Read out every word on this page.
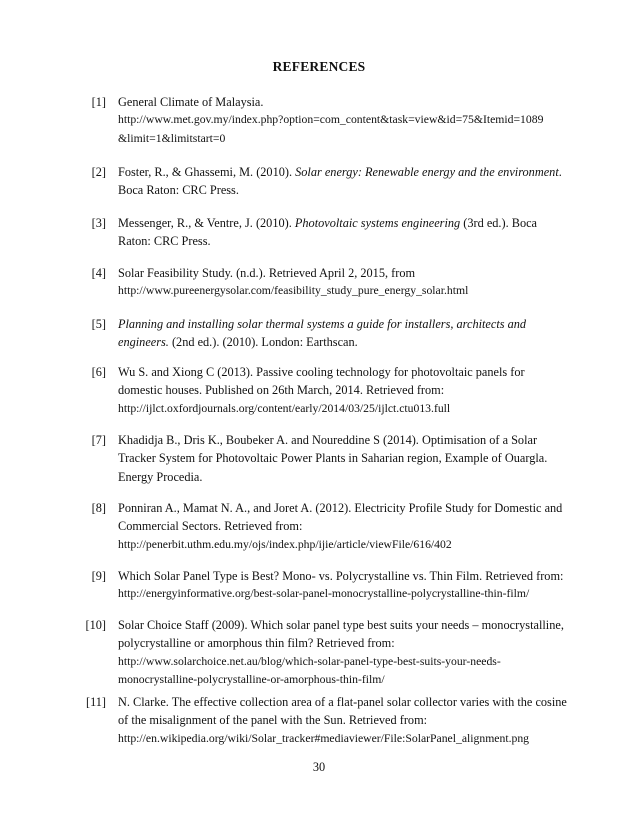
REFERENCES
[1] General Climate of Malaysia.
http://www.met.gov.my/index.php?option=com_content&task=view&id=75&Itemid=1089
&limit=1&limitstart=0
[2] Foster, R., & Ghassemi, M. (2010). Solar energy: Renewable energy and the environment.
Boca Raton: CRC Press.
[3] Messenger, R., & Ventre, J. (2010). Photovoltaic systems engineering (3rd ed.). Boca
Raton: CRC Press.
[4] Solar Feasibility Study. (n.d.). Retrieved April 2, 2015, from
http://www.pureenergysolar.com/feasibility_study_pure_energy_solar.html
[5] Planning and installing solar thermal systems a guide for installers, architects and
engineers. (2nd ed.). (2010). London: Earthscan.
[6] Wu S. and Xiong C (2013). Passive cooling technology for photovoltaic panels for
domestic houses. Published on 26th March, 2014. Retrieved from:
http://ijlct.oxfordjournals.org/content/early/2014/03/25/ijlct.ctu013.full
[7] Khadidja B., Dris K., Boubeker A. and Noureddine S (2014). Optimisation of a Solar
Tracker System for Photovoltaic Power Plants in Saharian region, Example of Ouargla.
Energy Procedia.
[8] Ponniran A., Mamat N. A., and Joret A. (2012). Electricity Profile Study for Domestic and
Commercial Sectors. Retrieved from:
http://penerbit.uthm.edu.my/ojs/index.php/ijie/article/viewFile/616/402
[9] Which Solar Panel Type is Best? Mono- vs. Polycrystalline vs. Thin Film. Retrieved from:
http://energyinformative.org/best-solar-panel-monocrystalline-polycrystalline-thin-film/
[10] Solar Choice Staff (2009). Which solar panel type best suits your needs – monocrystalline,
polycrystalline or amorphous thin film? Retrieved from:
http://www.solarchoice.net.au/blog/which-solar-panel-type-best-suits-your-needs-
monocrystalline-polycrystalline-or-amorphous-thin-film/
[11] N. Clarke. The effective collection area of a flat-panel solar collector varies with the cosine
of the misalignment of the panel with the Sun. Retrieved from:
http://en.wikipedia.org/wiki/Solar_tracker#mediaviewer/File:SolarPanel_alignment.png
30
